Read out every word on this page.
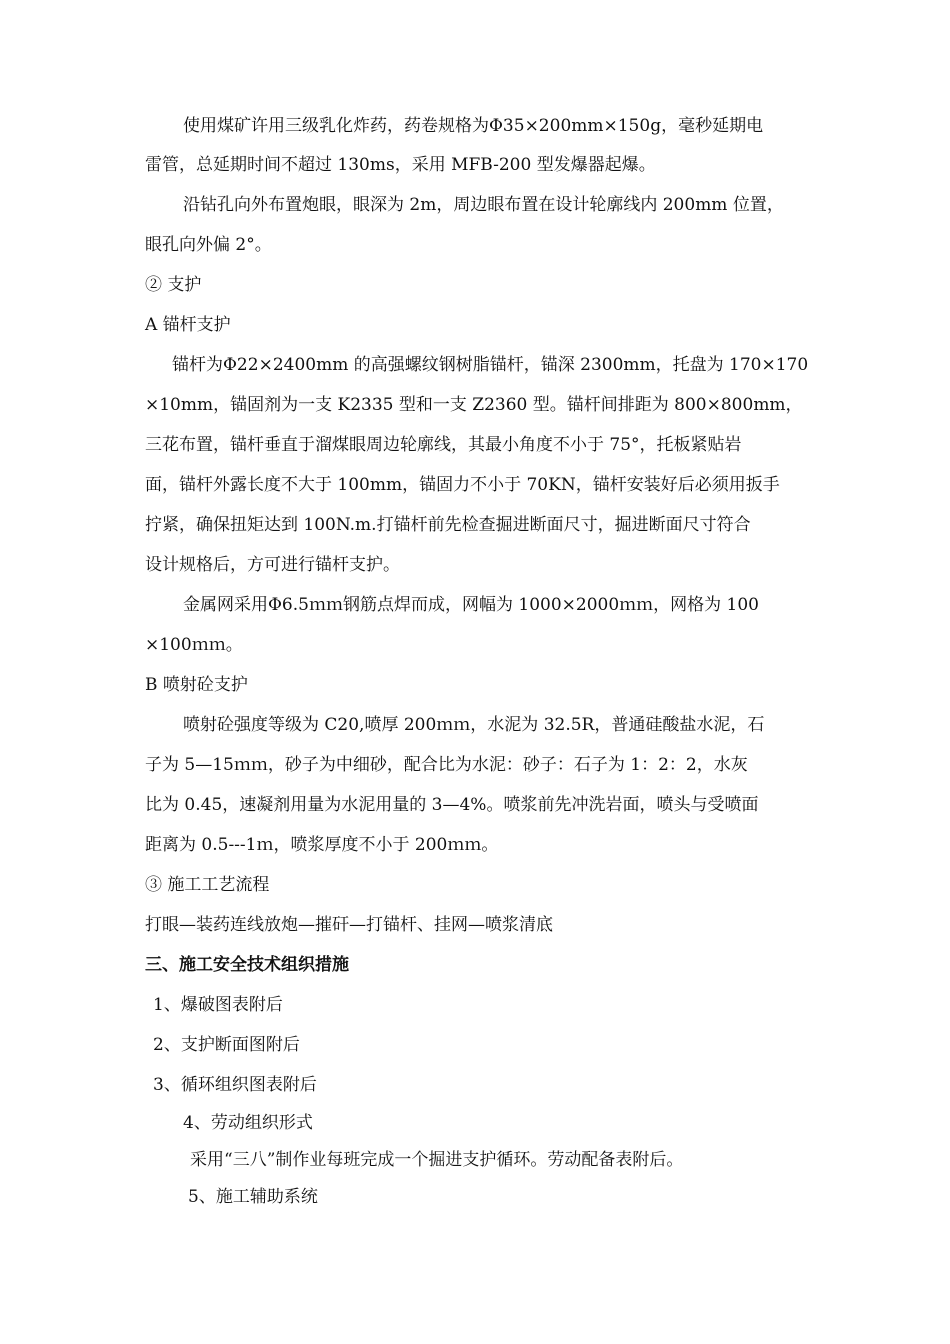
使用煤矿许用三级乳化炸药，药卷规格为Φ35×200mm×150g，毫秒延期电
雷管，总延期时间不超过 130ms，采用 MFB-200 型发爆器起爆。
沿钻孔向外布置炮眼，眼深为 2m，周边眼布置在设计轮廓线内 200mm 位置，
眼孔向外偏 2°。
② 支护
A 锚杆支护
锚杆为Φ22×2400mm 的高强螺纹钢树脂锚杆，锚深 2300mm，托盘为 170×170
×10mm，锚固剂为一支 K2335 型和一支 Z2360 型。锚杆间排距为 800×800mm，
三花布置，锚杆垂直于溜煤眼周边轮廓线，其最小角度不小于 75°，托板紧贴岩
面，锚杆外露长度不大于 100mm，锚固力不小于 70KN，锚杆安装好后必须用扳手
拧紧，确保扭矩达到 100N.m.打锚杆前先检查掘进断面尺寸，掘进断面尺寸符合
设计规格后，方可进行锚杆支护。
金属网采用Φ6.5ｍｍ钢筋点焊而成，网幅为 1000×2000ｍｍ，网格为 100
×100ｍｍ。
B 喷射砼支护
喷射砼强度等级为 C20,喷厚 200ｍｍ，水泥为 32.5R，普通硅酸盐水泥，石
子为 5—15ｍｍ，砂子为中细砂，配合比为水泥：砂子：石子为 1：2：2，水灰
比为 0.45，速凝剂用量为水泥用量的 3—4%。喷浆前先冲洗岩面，喷头与受喷面
距离为 0.5---1ｍ，喷浆厚度不小于 200ｍｍ。
③ 施工工艺流程
打眼—装药连线放炮—摧矸—打锚杆、挂网—喷浆清底
三、施工安全技术组织措施
1、爆破图表附后
2、支护断面图附后
3、循环组织图表附后
4、劳动组织形式
采用“三八”制作业每班完成一个掘进支护循环。劳动配备表附后。
5、施工辅助系统
